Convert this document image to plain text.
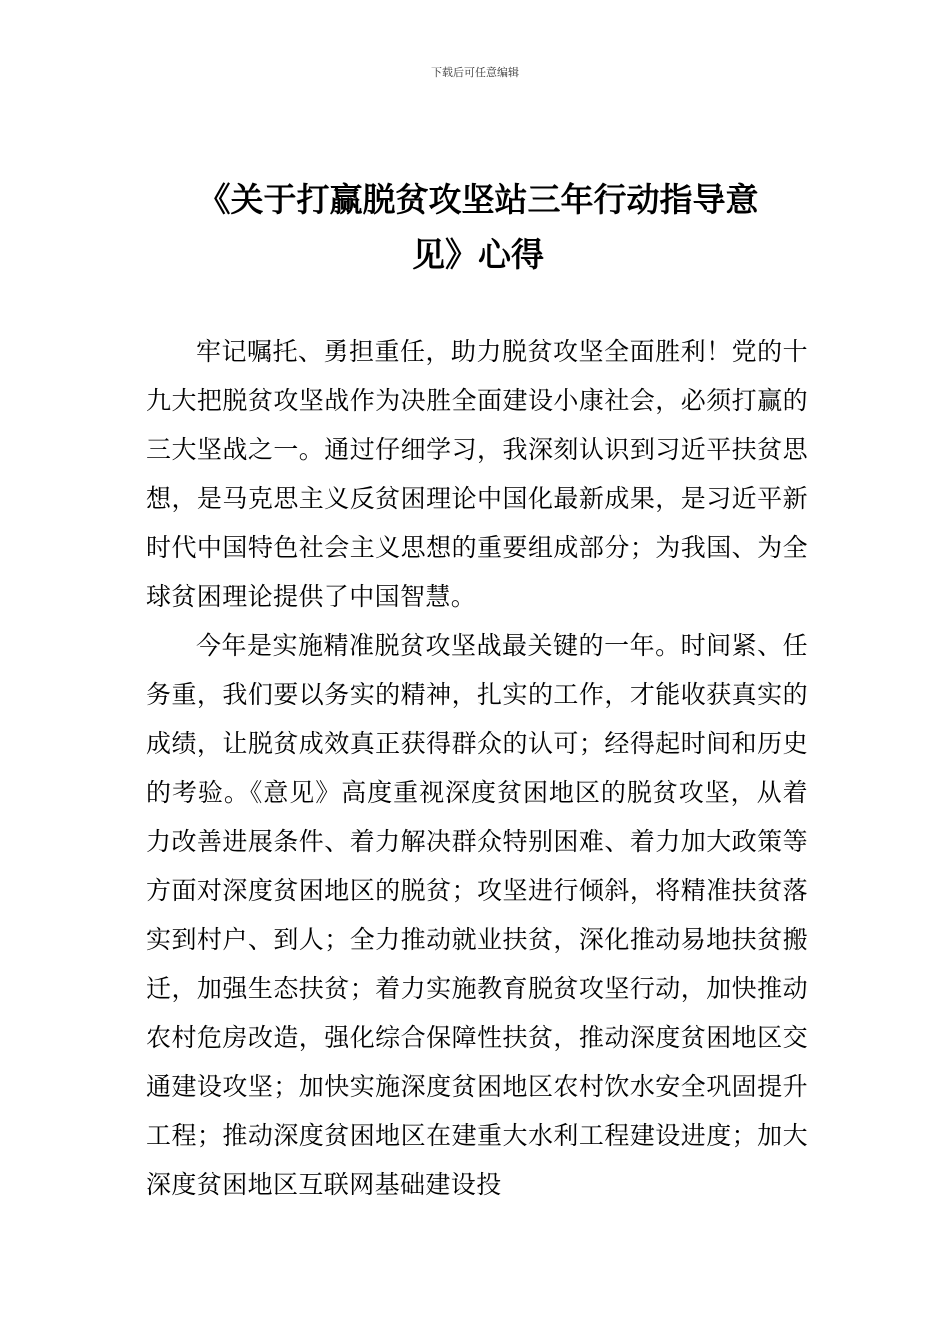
下载后可任意编辑
《关于打赢脱贫攻坚站三年行动指导意见》心得

牢记嘱托、勇担重任，助力脱贫攻坚全面胜利！党的十九大把脱贫攻坚战作为决胜全面建设小康社会，必须打赢的三大坚战之一。通过仔细学习，我深刻认识到习近平扶贫思想，是马克思主义反贫困理论中国化最新成果，是习近平新时代中国特色社会主义思想的重要组成部分；为我国、为全球贫困理论提供了中国智慧。

今年是实施精准脱贫攻坚战最关键的一年。时间紧、任务重，我们要以务实的精神，扎实的工作，才能收获真实的成绩，让脱贫成效真正获得群众的认可；经得起时间和历史的考验。《意见》高度重视深度贫困地区的脱贫攻坚，从着力改善进展条件、着力解决群众特别困难、着力加大政策等方面对深度贫困地区的脱贫；攻坚进行倾斜，将精准扶贫落实到村户、到人；全力推动就业扶贫，深化推动易地扶贫搬迁，加强生态扶贫；着力实施教育脱贫攻坚行动，加快推动农村危房改造，强化综合保障性扶贫，推动深度贫困地区交通建设攻坚；加快实施深度贫困地区农村饮水安全巩固提升工程；推动深度贫困地区在建重大水利工程建设进度；加大深度贫困地区互联网基础建设投
